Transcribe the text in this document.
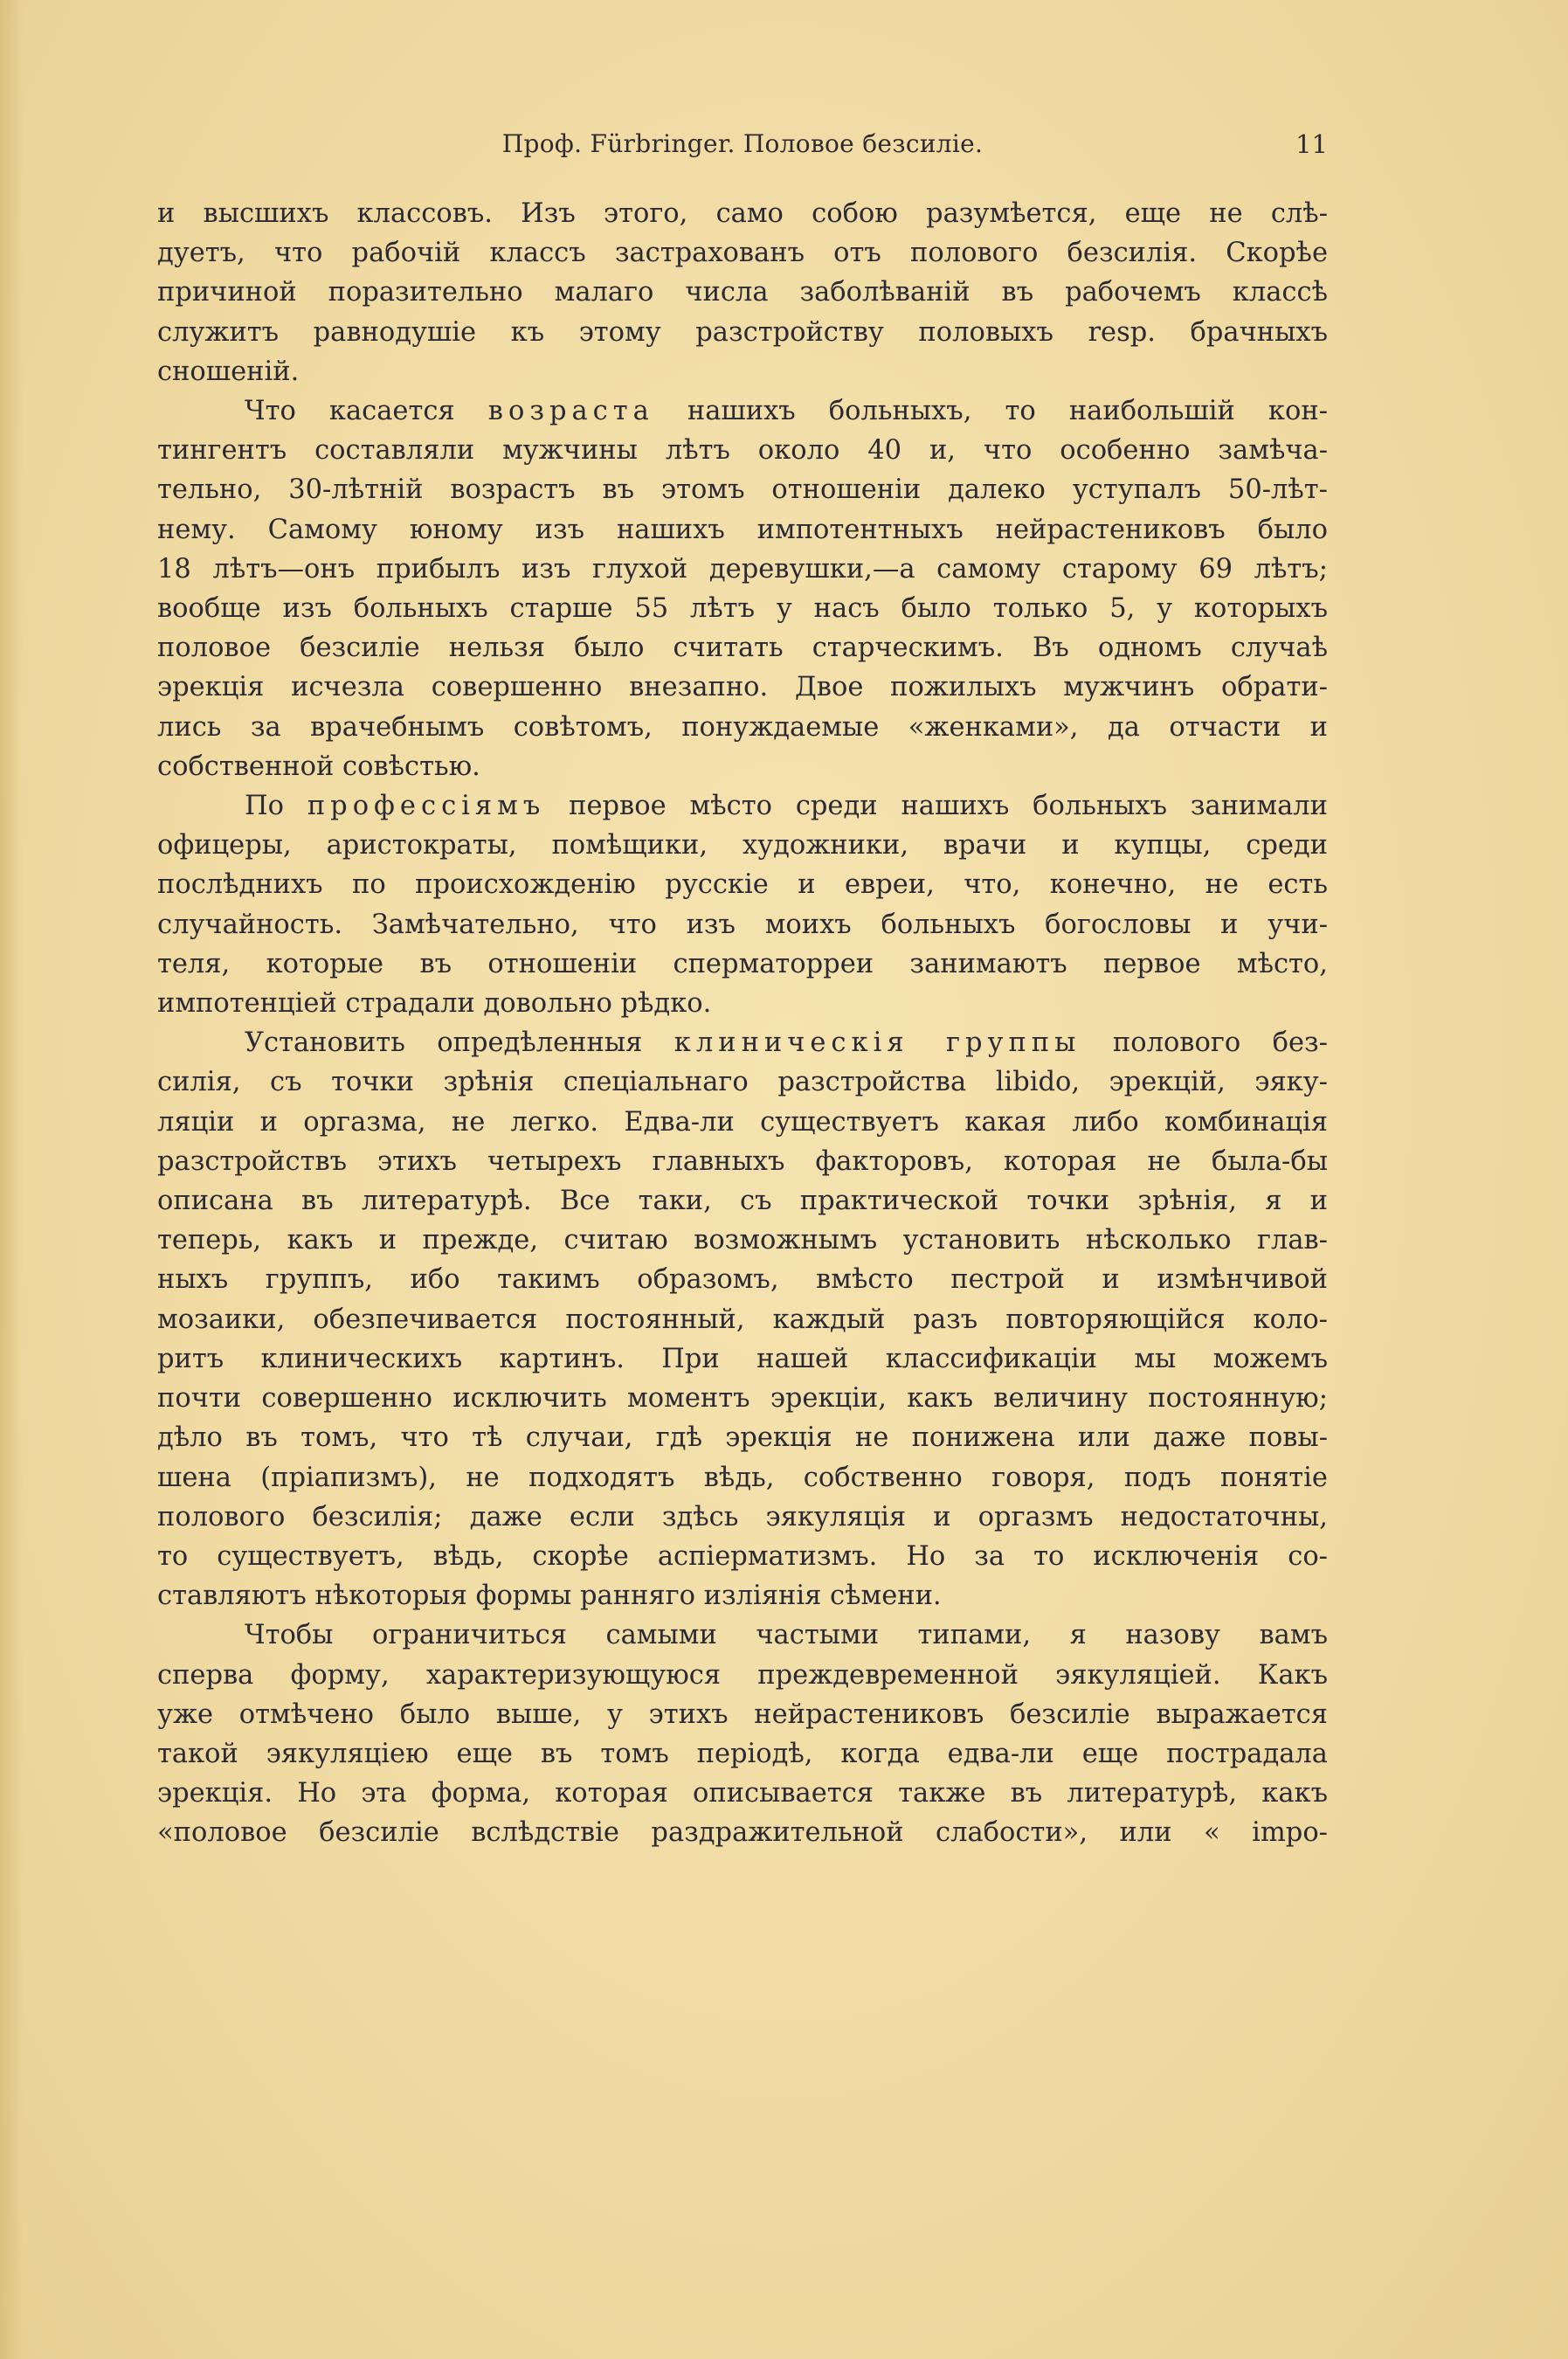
Проф. Fürbringer. Половое безсиліе.	11

и высшихъ классовъ. Изъ этого, само собою разумѣется, еще не слѣ-

дуетъ, что рабочій классъ застрахованъ отъ полового безсилія. Скорѣе

причиной поразительно малаго числа заболѣваній въ рабочемъ классѣ

служитъ равнодушіе къ этому разстройству половыхъ resp. брачныхъ

сношеній.

Что касается возраста нашихъ больныхъ, то наибольшій кон-

тингентъ составляли мужчины лѣтъ около 40 и, что особенно замѣча-

тельно, 30-лѣтній возрастъ въ этомъ отношеніи далеко уступалъ 50-лѣт-

нему. Самому юному изъ нашихъ импотентныхъ нейрастениковъ было

18 лѣтъ—онъ прибылъ изъ глухой деревушки,—а самому старому 69 лѣтъ;

вообще изъ больныхъ старше 55 лѣтъ у насъ было только 5, у которыхъ

половое безсиліе нельзя было считать старческимъ. Въ одномъ случаѣ

эрекція исчезла совершенно внезапно. Двое пожилыхъ мужчинъ обрати-

лись за врачебнымъ совѣтомъ, понуждаемые «женками», да отчасти и

собственной совѣстью.

По профессіямъ первое мѣсто среди нашихъ больныхъ занимали

офицеры, аристократы, помѣщики, художники, врачи и купцы, среди

послѣднихъ по происхожденію русскіе и евреи, что, конечно, не есть

случайность. Замѣчательно, что изъ моихъ больныхъ богословы и учи-

теля, которые въ отношеніи сперматорреи занимаютъ первое мѣсто,

импотенціей страдали довольно рѣдко.

Установить опредѣленныя клиническія группы полового без-

силія, съ точки зрѣнія спеціальнаго разстройства libido, эрекцій, эяку-

ляціи и оргазма, не легко. Едва-ли существуетъ какая либо комбинація

разстройствъ этихъ четырехъ главныхъ факторовъ, которая не была-бы

описана въ литературѣ. Все таки, съ практической точки зрѣнія, я и

теперь, какъ и прежде, считаю возможнымъ установить нѣсколько глав-

ныхъ группъ, ибо такимъ образомъ, вмѣсто пестрой и измѣнчивой

мозаики, обезпечивается постоянный, каждый разъ повторяющійся коло-

ритъ клиническихъ картинъ. При нашей классификаціи мы можемъ

почти совершенно исключить моментъ эрекціи, какъ величину постоянную;

дѣло въ томъ, что тѣ случаи, гдѣ эрекція не понижена или даже повы-

шена (пріапизмъ), не подходятъ вѣдь, собственно говоря, подъ понятіе

полового безсилія; даже если здѣсь эякуляція и оргазмъ недостаточны,

то существуетъ, вѣдь, скорѣе аспіерматизмъ. Но за то исключенія со-

ставляютъ нѣкоторыя формы ранняго изліянія сѣмени.

Чтобы ограничиться самыми частыми типами, я назову вамъ

сперва форму, характеризующуюся преждевременной эякуляціей. Какъ

уже отмѣчено было выше, у этихъ нейрастениковъ безсиліе выражается

такой эякуляціею еще въ томъ періодѣ, когда едва-ли еще пострадала

эрекція. Но эта форма, которая описывается также въ литературѣ, какъ

«половое безсиліе вслѣдствіе раздражительной слабости», или « impo-
